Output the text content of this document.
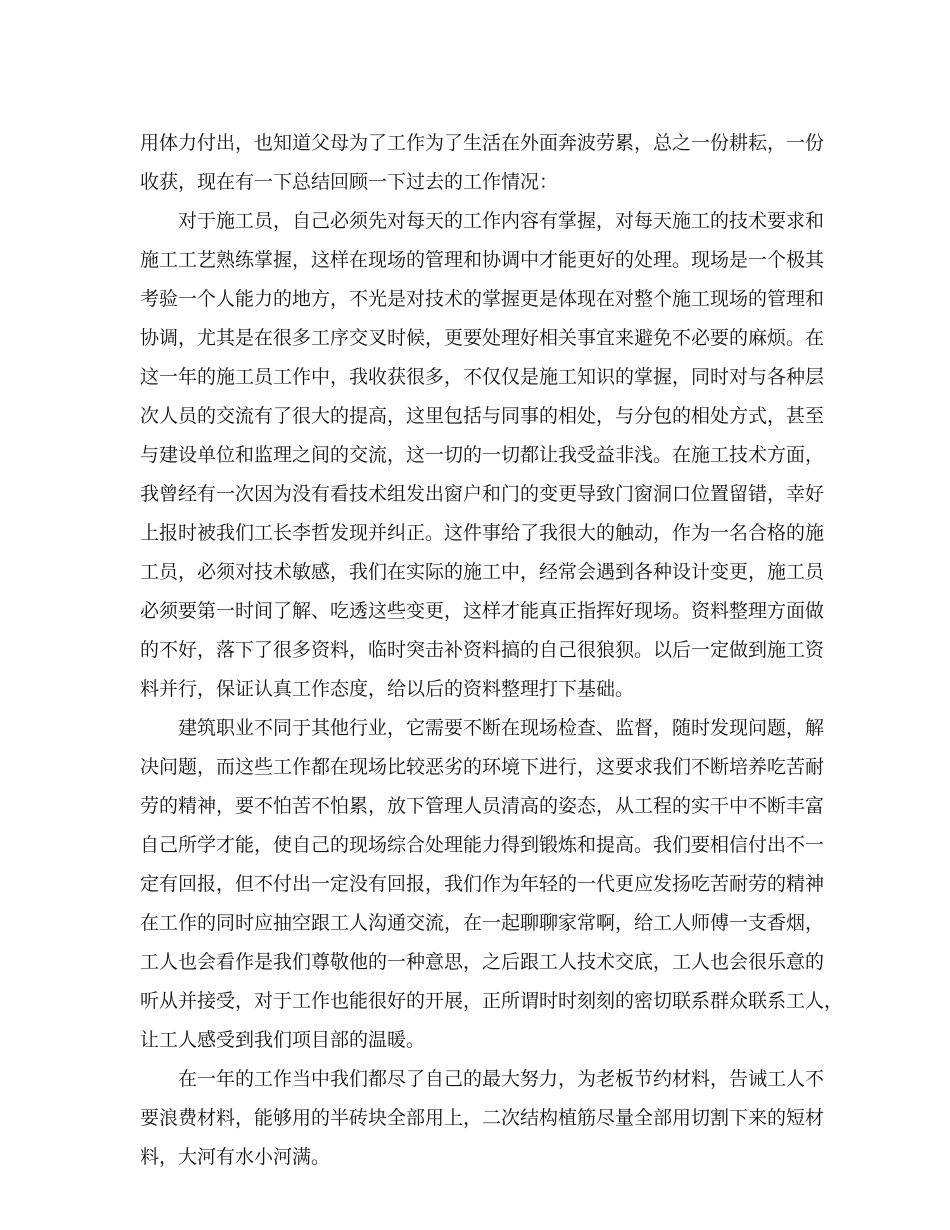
用体力付出，也知道父母为了工作为了生活在外面奔波劳累，总之一份耕耘，一份
收获，现在有一下总结回顾一下过去的工作情况：
对于施工员，自己必须先对每天的工作内容有掌握，对每天施工的技术要求和
施工工艺熟练掌握，这样在现场的管理和协调中才能更好的处理。现场是一个极其
考验一个人能力的地方，不光是对技术的掌握更是体现在对整个施工现场的管理和
协调，尤其是在很多工序交叉时候，更要处理好相关事宜来避免不必要的麻烦。在
这一年的施工员工作中，我收获很多，不仅仅是施工知识的掌握，同时对与各种层
次人员的交流有了很大的提高，这里包括与同事的相处，与分包的相处方式，甚至
与建设单位和监理之间的交流，这一切的一切都让我受益非浅。在施工技术方面，
我曾经有一次因为没有看技术组发出窗户和门的变更导致门窗洞口位置留错，幸好
上报时被我们工长李哲发现并纠正。这件事给了我很大的触动，作为一名合格的施
工员，必须对技术敏感，我们在实际的施工中，经常会遇到各种设计变更，施工员
必须要第一时间了解、吃透这些变更，这样才能真正指挥好现场。资料整理方面做
的不好，落下了很多资料，临时突击补资料搞的自己很狼狈。以后一定做到施工资
料并行，保证认真工作态度，给以后的资料整理打下基础。
建筑职业不同于其他行业，它需要不断在现场检查、监督，随时发现问题，解
决问题，而这些工作都在现场比较恶劣的环境下进行，这要求我们不断培养吃苦耐
劳的精神，要不怕苦不怕累，放下管理人员清高的姿态，从工程的实干中不断丰富
自己所学才能，使自己的现场综合处理能力得到锻炼和提高。我们要相信付出不一
定有回报，但不付出一定没有回报，我们作为年轻的一代更应发扬吃苦耐劳的精神
在工作的同时应抽空跟工人沟通交流，在一起聊聊家常啊，给工人师傅一支香烟，
工人也会看作是我们尊敬他的一种意思，之后跟工人技术交底，工人也会很乐意的
听从并接受，对于工作也能很好的开展，正所谓时时刻刻的密切联系群众联系工人，
让工人感受到我们项目部的温暖。
在一年的工作当中我们都尽了自己的最大努力，为老板节约材料，告诫工人不
要浪费材料，能够用的半砖块全部用上，二次结构植筋尽量全部用切割下来的短材
料，大河有水小河满。
